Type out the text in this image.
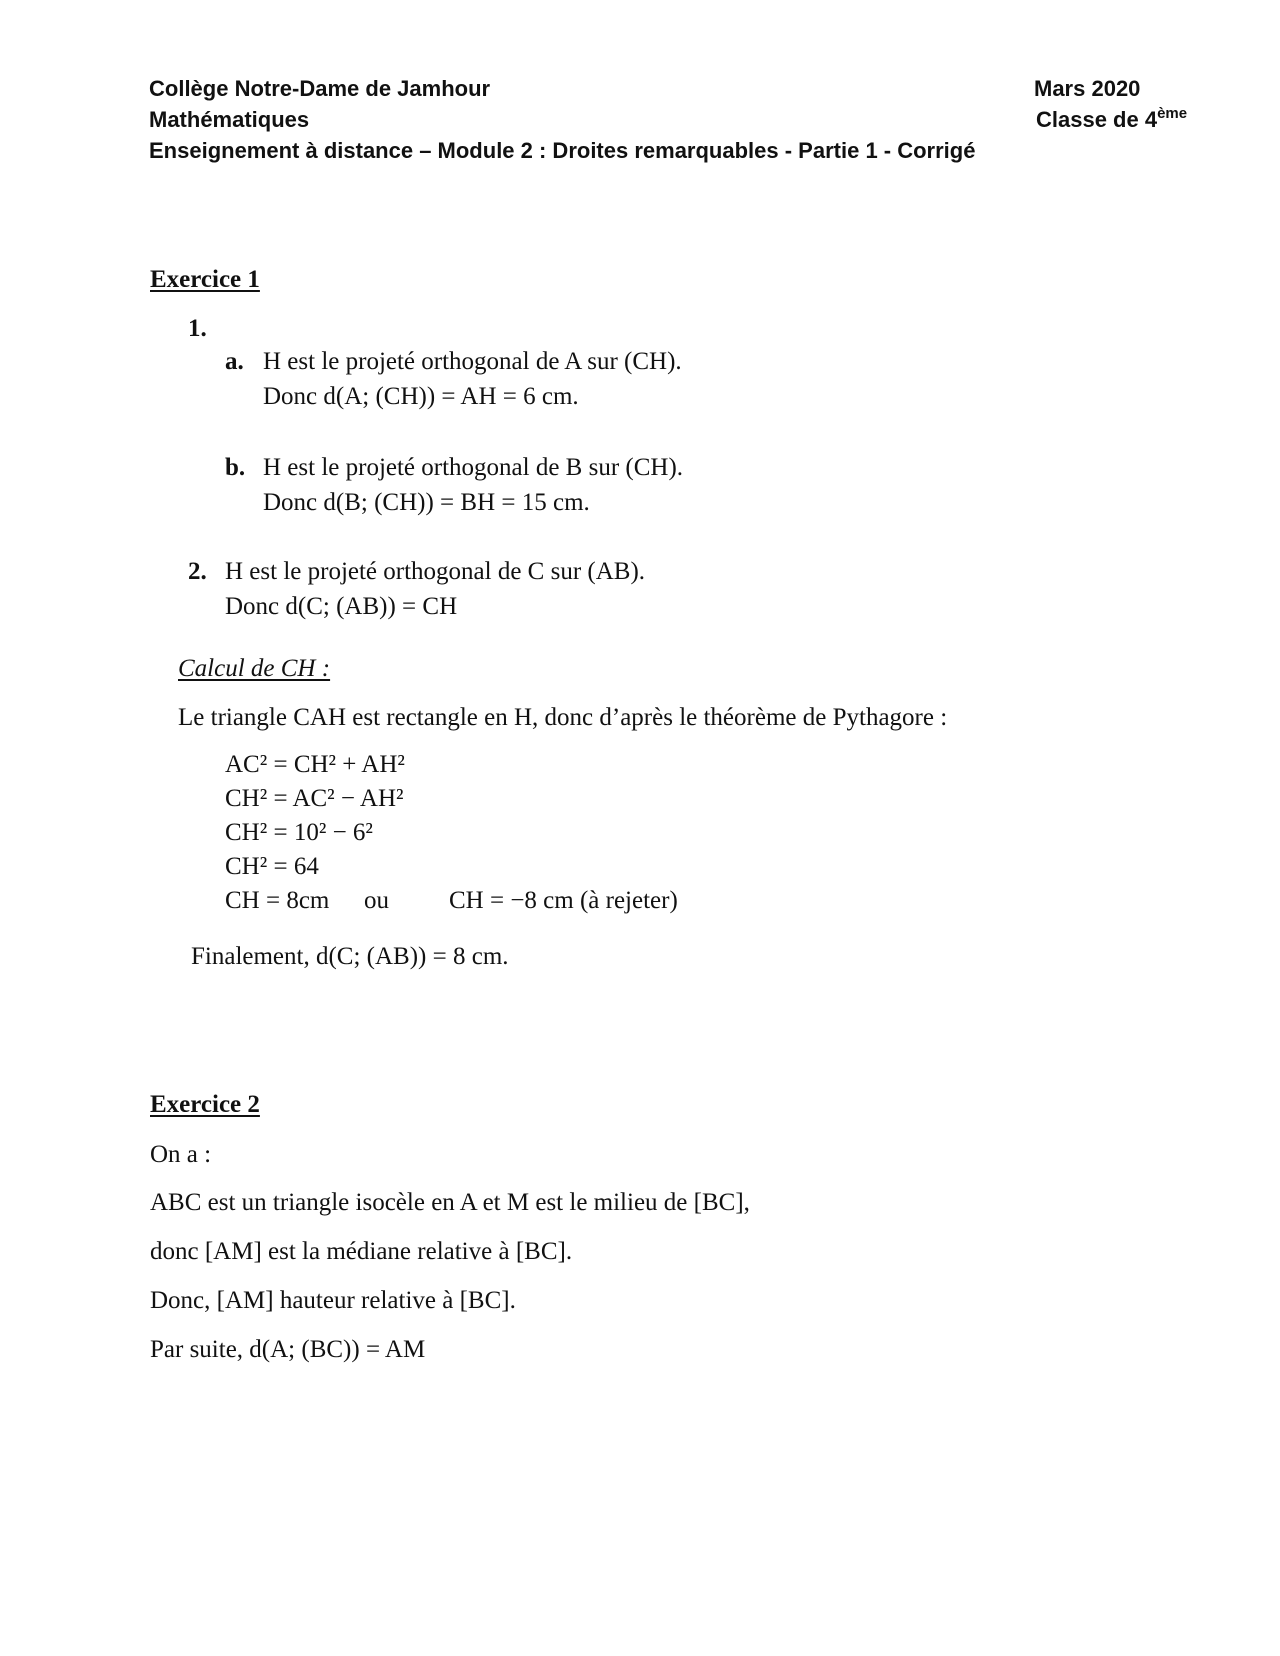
Collège Notre-Dame de Jamhour
Mathématiques
Enseignement à distance – Module 2 : Droites remarquables - Partie 1 - Corrigé
Mars 2020
Classe de 4ème
Exercice 1
1.
a. H est le projeté orthogonal de A sur (CH).
Donc d(A; (CH)) = AH = 6 cm.
b. H est le projeté orthogonal de B sur (CH).
Donc d(B; (CH)) = BH = 15 cm.
2. H est le projeté orthogonal de C sur (AB).
Donc d(C; (AB)) = CH
Calcul de CH :
Le triangle CAH est rectangle en H, donc d’après le théorème de Pythagore :
AC² = CH² + AH²
CH² = AC² − AH²
CH² = 10² − 6²
CH² = 64
CH = 8cm ou CH = −8 cm (à rejeter)
Finalement, d(C; (AB)) = 8 cm.
Exercice 2
On a :
ABC est un triangle isocèle en A et M est le milieu de [BC],
donc [AM] est la médiane relative à [BC].
Donc, [AM] hauteur relative à [BC].
Par suite, d(A; (BC)) = AM
